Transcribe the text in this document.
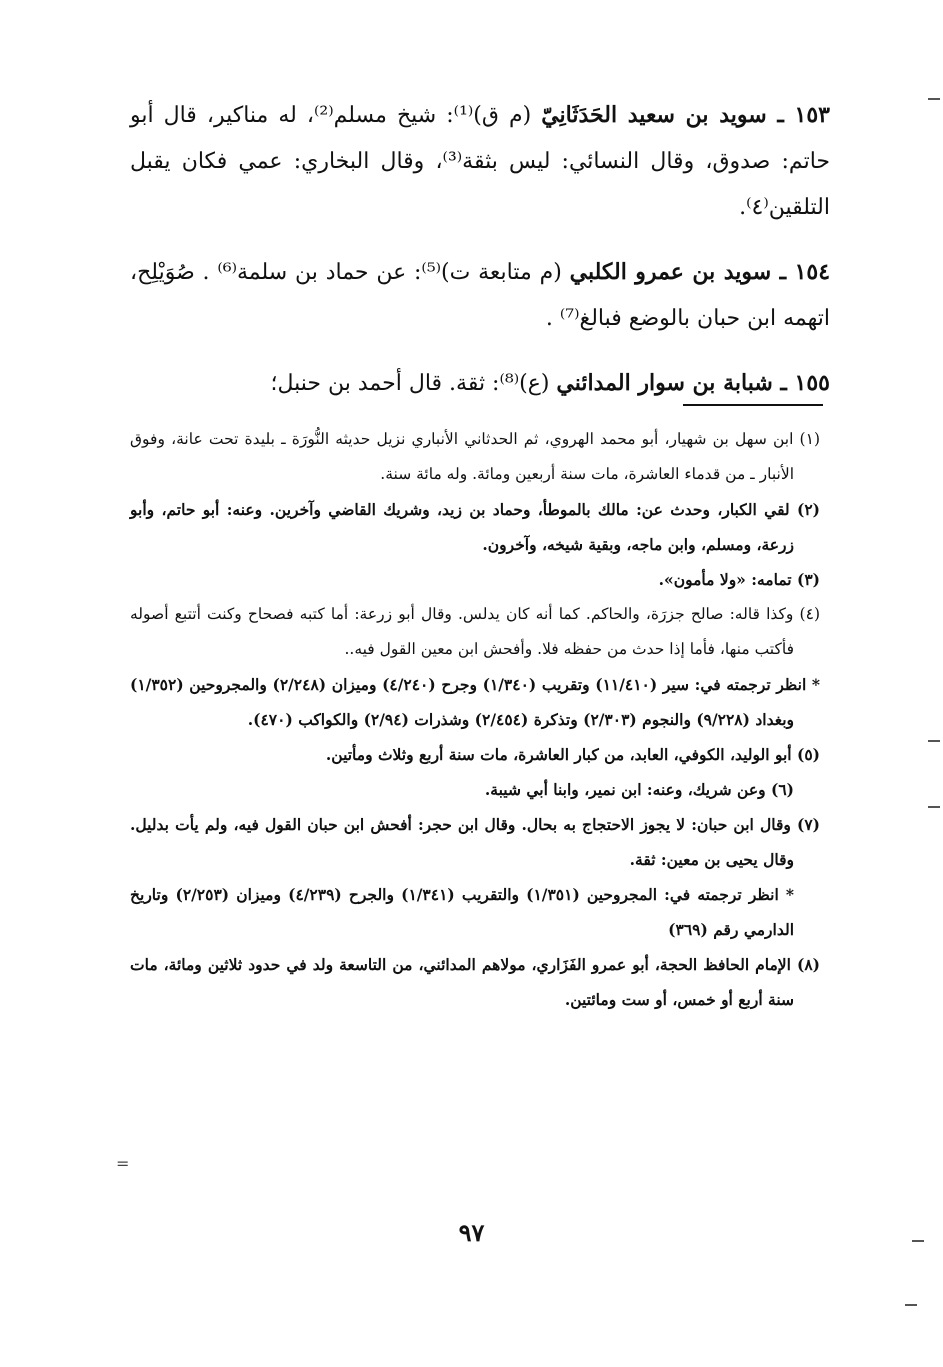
١٥٣ ـ سويد بن سعيد الحَدَثَانِيّ (م ق)⁽¹⁾: شيخ مسلم⁽²⁾، له مناكير، قال أبو حاتم: صدوق، وقال النسائي: ليس بثقة⁽³⁾، وقال البخاري: عمي فكان يقبل التلقين⁽٤⁾.

١٥٤ ـ سويد بن عمرو الكلبي (م متابعة ت)⁽⁵⁾: عن حماد بن سلمة⁽⁶⁾ . صُوَيْلِح، اتهمه ابن حبان بالوضع فبالغ⁽⁷⁾ .

١٥٥ ـ شبابة بن سوار المدائني (ع)⁽⁸⁾: ثقة. قال أحمد بن حنبل؛

(١) ابن سهل بن شهيار، أبو محمد الهروي، ثم الحدثاني الأنباري نزيل حديثه النُّورَة ـ بليدة تحت عانة، وفوق الأنبار ـ من قدماء العاشرة، مات سنة أربعين ومائة. وله مائة سنة.

(٢) لقي الكبار، وحدث عن: مالك بالموطأ، وحماد بن زيد، وشريك القاضي وآخرين. وعنه: أبو حاتم، وأبو زرعة، ومسلم، وابن ماجه، وبقية شيخه، وآخرون.

(٣) تمامه: «ولا مأمون».

(٤) وكذا قاله: صالح جزرَة، والحاكم. كما أنه كان يدلس. وقال أبو زرعة: أما كتبه فصحاح وكنت أتتبع أصوله فأكتب منها، فأما إذا حدث من حفظه فلا. وأفحش ابن معين القول فيه..

* انظر ترجمته في: سير (١١/٤١٠) وتقريب (١/٣٤٠) وجرح (٤/٢٤٠) وميزان (٢/٢٤٨) والمجروحين (١/٣٥٢) وبغداد (٩/٢٢٨) والنجوم (٢/٣٠٣) وتذكرة (٢/٤٥٤) وشذرات (٢/٩٤) والكواكب (٤٧٠).

(٥) أبو الوليد، الكوفي، العابد، من كبار العاشرة، مات سنة أربع وثلاث ومأتين.

(٦) وعن شريك، وعنه: ابن نمير، وابنا أبي شيبة.

(٧) وقال ابن حبان: لا يجوز الاحتجاج به بحال. وقال ابن حجر: أفحش ابن حبان القول فيه، ولم يأت بدليل. وقال يحيى بن معين: ثقة.

* انظر ترجمته في: المجروحين (١/٣٥١) والتقريب (١/٣٤١) والجرح (٤/٢٣٩) وميزان (٢/٢٥٣) وتاريخ الدارمي رقم (٣٦٩)

(٨) الإمام الحافظ الحجة، أبو عمرو الفَزَاري، مولاهم المدائني، من التاسعة ولد في حدود ثلاثين ومائة، مات سنة أربع أو خمس، أو ست ومائتين.

٩٧
=
